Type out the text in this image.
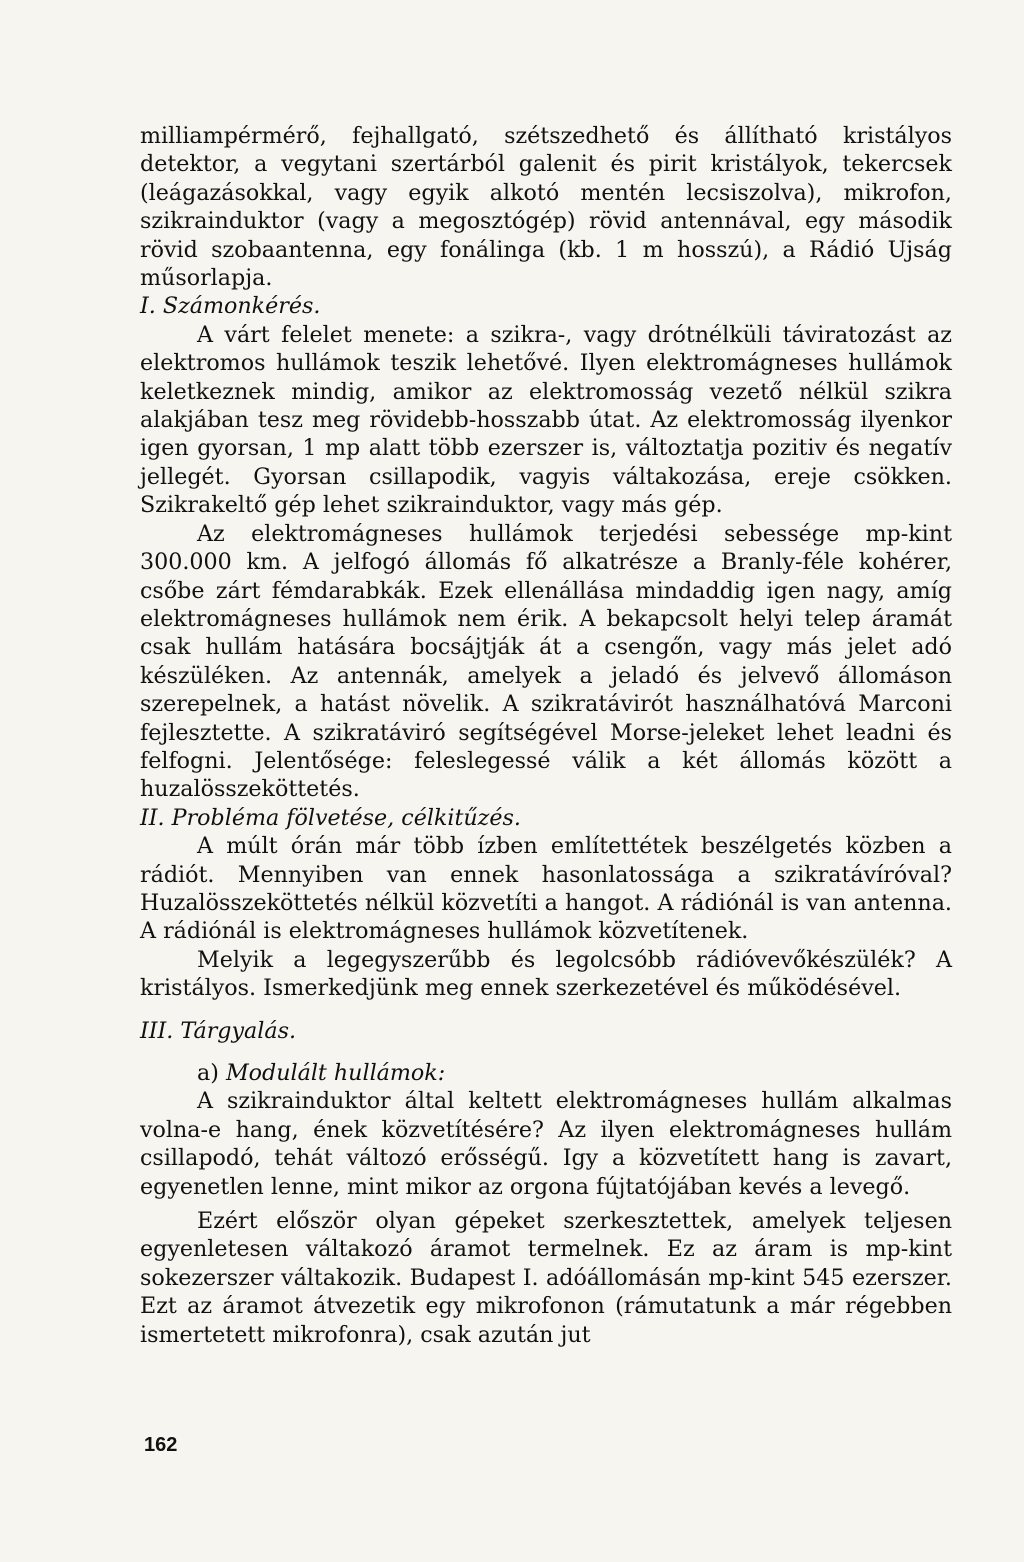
milliampérmérő, fejhallgató, szétszedhető és állítható kristályos detektor, a vegytani szertárból galenit és pirit kristályok, tekercsek (leágazásokkal, vagy egyik alkotó mentén lecsiszolva), mikrofon, szikrainduktor (vagy a megosztógép) rövid antennával, egy második rövid szobaantenna, egy fonálinga (kb. 1 m hosszú), a Rádió Ujság műsorlapja.

I. Számonkérés.

A várt felelet menete: a szikra-, vagy drótnélküli táviratozást az elektromos hullámok teszik lehetővé. Ilyen elektromágneses hullámok keletkeznek mindig, amikor az elektromosság vezető nélkül szikra alakjában tesz meg rövidebb-hosszabb útat. Az elektromosság ilyenkor igen gyorsan, 1 mp alatt több ezerszer is, változtatja pozitiv és negatív jellegét. Gyorsan csillapodik, vagyis váltakozása, ereje csökken. Szikrakeltő gép lehet szikrainduktor, vagy más gép.

Az elektromágneses hullámok terjedési sebessége mp-kint 300.000 km. A jelfogó állomás fő alkatrésze a Branly-féle kohérer, csőbe zárt fémdarabkák. Ezek ellenállása mindaddig igen nagy, amíg elektromágneses hullámok nem érik. A bekapcsolt helyi telep áramát csak hullám hatására bocsájtják át a csengőn, vagy más jelet adó készüléken. Az antennák, amelyek a jeladó és jelvevő állomáson szerepelnek, a hatást növelik. A szikratávirót használhatóvá Marconi fejlesztette. A szikratáviró segítségével Morse-jeleket lehet leadni és felfogni. Jelentősége: feleslegessé válik a két állomás között a huzalösszeköttetés.

II. Probléma fölvetése, célkitűzés.

A múlt órán már több ízben említettétek beszélgetés közben a rádiót. Mennyiben van ennek hasonlatossága a szikratávíróval? Huzalösszeköttetés nélkül közvetíti a hangot. A rádiónál is van antenna. A rádiónál is elektromágneses hullámok közvetítenek.

Melyik a legegyszerűbb és legolcsóbb rádióvevőkészülék? A kristályos. Ismerkedjünk meg ennek szerkezetével és működésével.

III. Tárgyalás.

a) Modulált hullámok:

A szikrainduktor által keltett elektromágneses hullám alkalmas volna-e hang, ének közvetítésére? Az ilyen elektromágneses hullám csillapodó, tehát változó erősségű. Igy a közvetített hang is zavart, egyenetlen lenne, mint mikor az orgona fújtatójában kevés a levegő.

Ezért először olyan gépeket szerkesztettek, amelyek teljesen egyenletesen váltakozó áramot termelnek. Ez az áram is mp-kint sokezerszer váltakozik. Budapest I. adóállomásán mp-kint 545 ezerszer. Ezt az áramot átvezetik egy mikrofonon (rámutatunk a már régebben ismertetett mikrofonra), csak azután jut

162
